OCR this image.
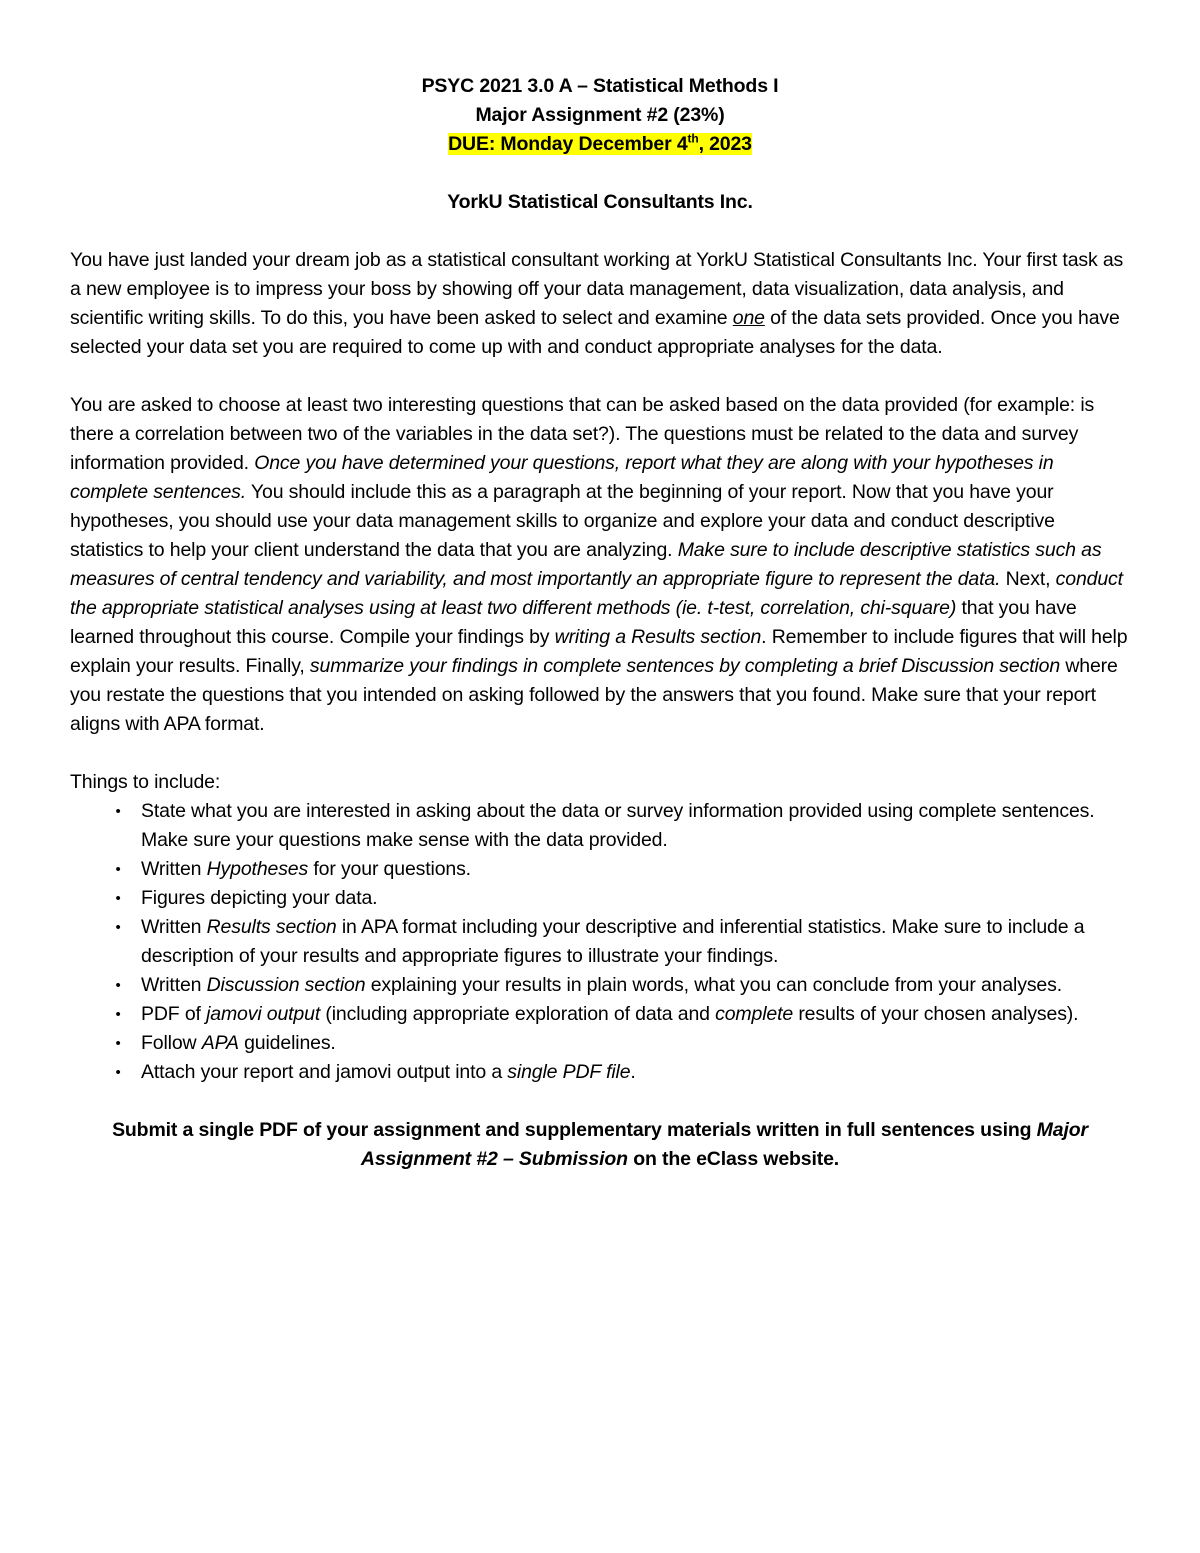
PSYC 2021 3.0 A – Statistical Methods I

Major Assignment #2 (23%)

DUE: Monday December 4th, 2023

YorkU Statistical Consultants Inc.

You have just landed your dream job as a statistical consultant working at YorkU Statistical Consultants Inc. Your first task as a new employee is to impress your boss by showing off your data management, data visualization, data analysis, and scientific writing skills. To do this, you have been asked to select and examine one of the data sets provided. Once you have selected your data set you are required to come up with and conduct appropriate analyses for the data.

You are asked to choose at least two interesting questions that can be asked based on the data provided (for example: is there a correlation between two of the variables in the data set?). The questions must be related to the data and survey information provided. Once you have determined your questions, report what they are along with your hypotheses in complete sentences. You should include this as a paragraph at the beginning of your report. Now that you have your hypotheses, you should use your data management skills to organize and explore your data and conduct descriptive statistics to help your client understand the data that you are analyzing. Make sure to include descriptive statistics such as measures of central tendency and variability, and most importantly an appropriate figure to represent the data. Next, conduct the appropriate statistical analyses using at least two different methods (ie. t-test, correlation, chi-square) that you have learned throughout this course. Compile your findings by writing a Results section. Remember to include figures that will help explain your results. Finally, summarize your findings in complete sentences by completing a brief Discussion section where you restate the questions that you intended on asking followed by the answers that you found. Make sure that your report aligns with APA format.

Things to include:

• State what you are interested in asking about the data or survey information provided using complete sentences. Make sure your questions make sense with the data provided.
• Written Hypotheses for your questions.
• Figures depicting your data.
• Written Results section in APA format including your descriptive and inferential statistics. Make sure to include a description of your results and appropriate figures to illustrate your findings.
• Written Discussion section explaining your results in plain words, what you can conclude from your analyses.
• PDF of jamovi output (including appropriate exploration of data and complete results of your chosen analyses).
• Follow APA guidelines.
• Attach your report and jamovi output into a single PDF file.

Submit a single PDF of your assignment and supplementary materials written in full sentences using Major Assignment #2 – Submission on the eClass website.
